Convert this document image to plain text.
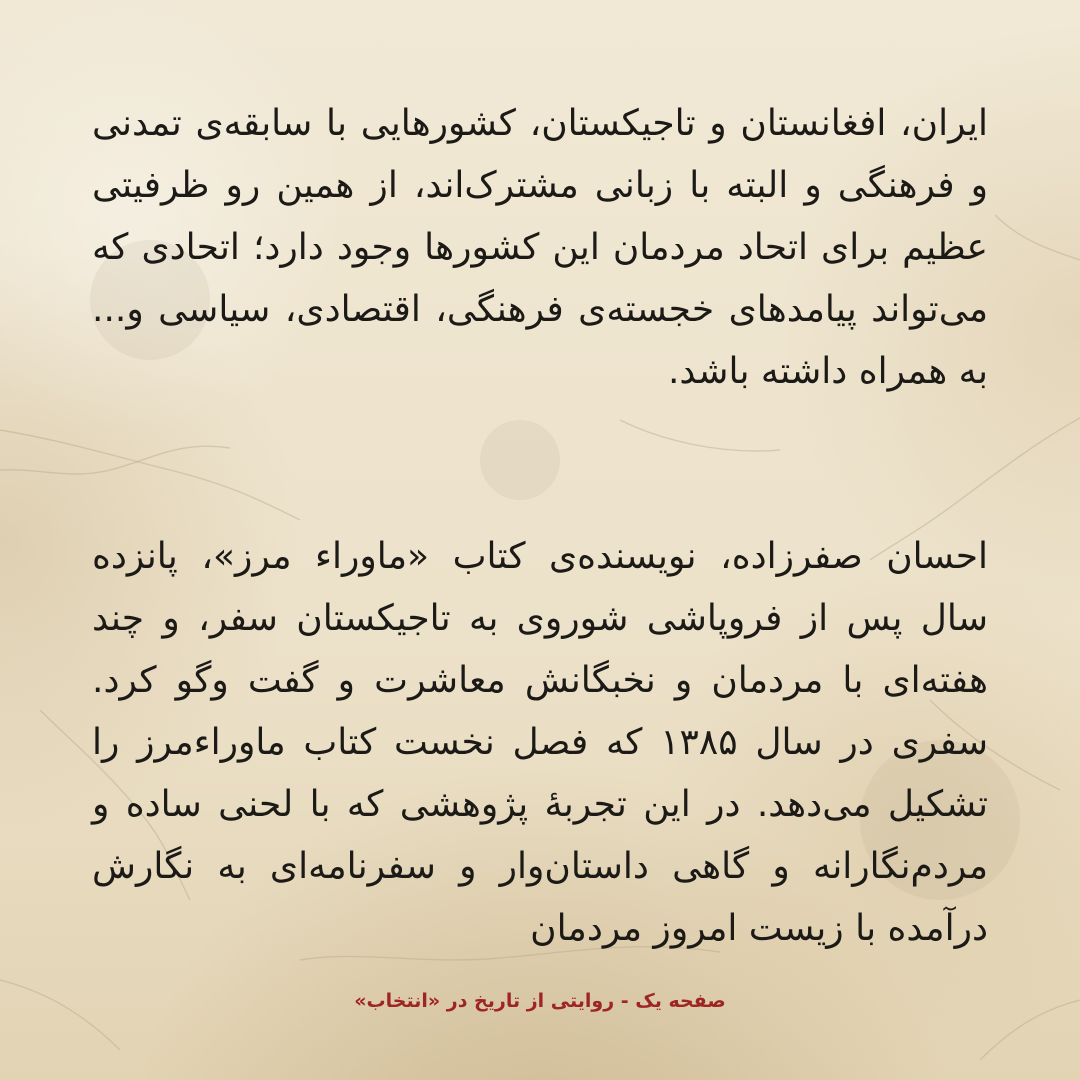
ایران، افغانستان و تاجیکستان، کشورهایی با سابقه‌ی تمدنی و فرهنگی و البته با زبانی مشترک‌اند، از همین رو ظرفیتی عظیم برای اتحاد مردمان این کشورها وجود دارد؛ اتحادی که می‌تواند پیامدهای خجسته‌ی فرهنگی، اقتصادی، سیاسی و... به همراه داشته باشد.

احسان صفرزاده، نویسنده‌ی کتاب «ماوراء مرز»، پانزده سال پس از فروپاشی شوروی به تاجیکستان سفر، و چند هفته‌ای با مردمان و نخبگانش معاشرت و گفت وگو کرد. سفری در سال ۱۳۸۵ که فصل نخست کتاب ماوراءمرز را تشکیل می‌دهد. در این تجربهٔ پژوهشی که با لحنی ساده و مردم‌نگارانه و گاهی داستان‌وار و سفرنامه‌ای به نگارش درآمده با زیست امروز مردمان

صفحه یک - روایتی از تاریخ در «انتخاب»
